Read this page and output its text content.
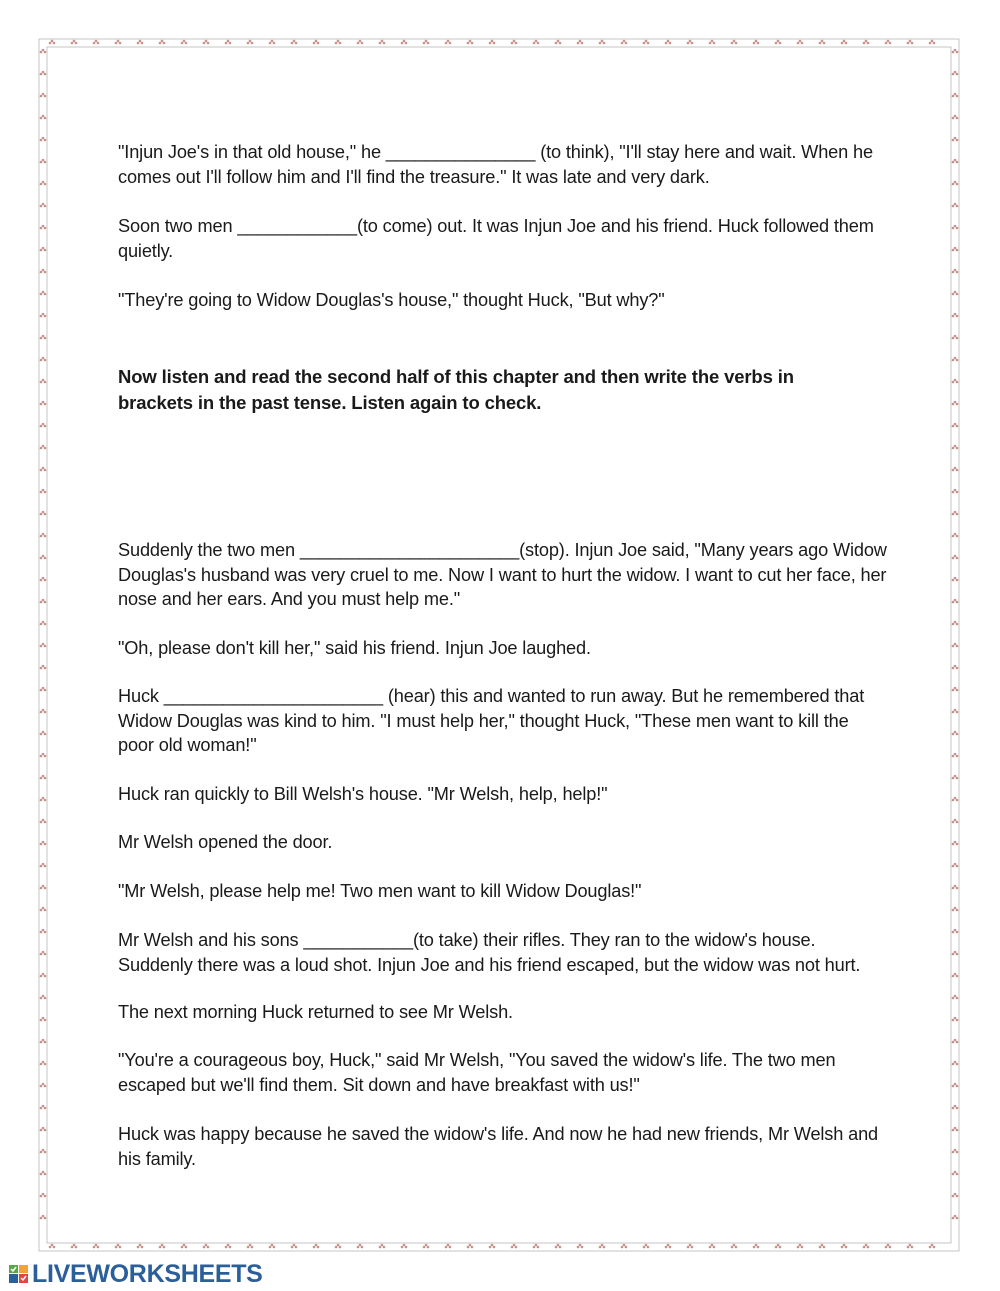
"Injun Joe's in that old house," he _______________ (to think), "I'll stay here and wait. When he comes out I'll follow him and I'll find the treasure." It was late and very dark.

Soon two men ____________(to come) out. It was Injun Joe and his friend. Huck followed them quietly.

"They're going to Widow Douglas's house," thought Huck, "But why?"

Now listen and read the second half of this chapter and then write the verbs in brackets in the past tense. Listen again to check.

Suddenly the two men ______________________(stop). Injun Joe said, "Many years ago Widow Douglas's husband was very cruel to me. Now I want to hurt the widow. I want to cut her face, her nose and her ears. And you must help me."

"Oh, please don't kill her," said his friend. Injun Joe laughed.

Huck ______________________ (hear) this and wanted to run away. But he remembered that Widow Douglas was kind to him. "I must help her," thought Huck, "These men want to kill the poor old woman!"

Huck ran quickly to Bill Welsh's house. "Mr Welsh, help, help!"

Mr Welsh opened the door.

"Mr Welsh, please help me! Two men want to kill Widow Douglas!"

Mr Welsh and his sons ___________(to take) their rifles. They ran to the widow's house. Suddenly there was a loud shot. Injun Joe and his friend escaped, but the widow was not hurt.

The next morning Huck returned to see Mr Welsh.

"You're a courageous boy, Huck," said Mr Welsh, "You saved the widow's life. The two men escaped but we'll find them. Sit down and have breakfast with us!"

Huck was happy because he saved the widow's life. And now he had new friends, Mr Welsh and his family.

LIVEWORKSHEETS
